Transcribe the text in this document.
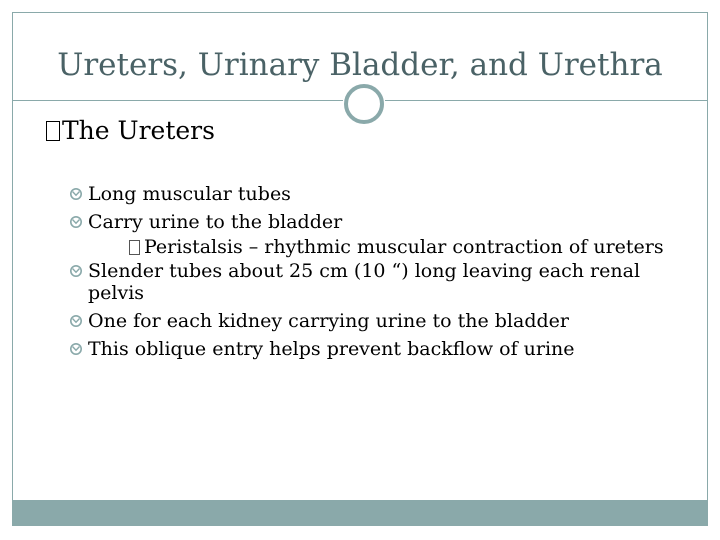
Ureters, Urinary Bladder, and Urethra
The Ureters
Long muscular tubes
Carry urine to the bladder
Peristalsis – rhythmic muscular contraction of ureters
Slender tubes about 25 cm (10 “) long leaving each renal pelvis
One for each kidney carrying urine to the bladder
This oblique entry helps prevent backflow of urine
